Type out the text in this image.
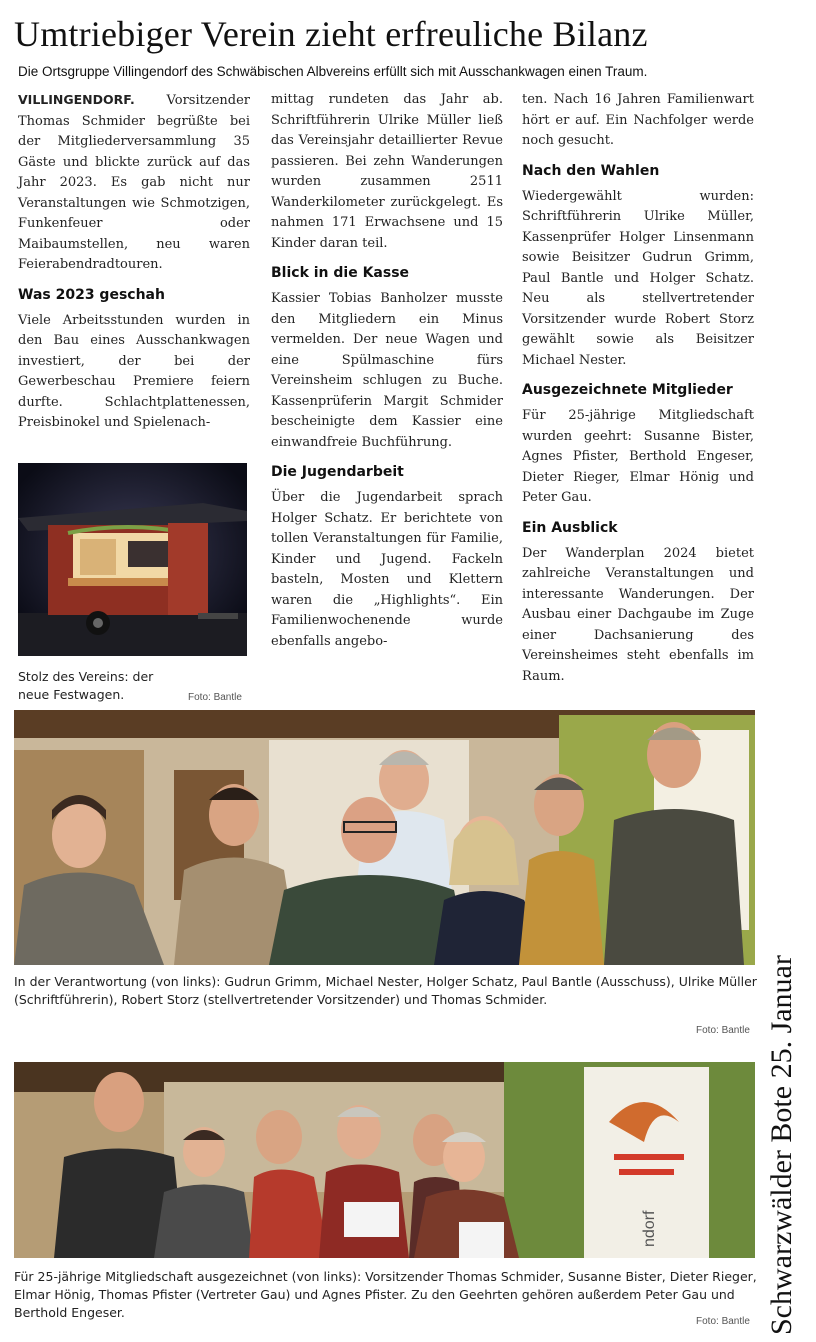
Umtriebiger Verein zieht erfreuliche Bilanz
Die Ortsgruppe Villingendorf des Schwäbischen Albvereins erfüllt sich mit Ausschankwagen einen Traum.

VILLINGENDORF. Vorsitzender Thomas Schmider begrüßte bei der Mitgliederversammlung 35 Gäste und blickte zurück auf das Jahr 2023. Es gab nicht nur Veranstaltungen wie Schmotzigen, Funkenfeuer oder Maibaumstellen, neu waren Feierabendradtouren.

Was 2023 geschah

Viele Arbeitsstunden wurden in den Bau eines Ausschankwagen investiert, der bei der Gewerbeschau Premiere feiern durfte. Schlachtplattenessen, Preisbinokel und Spielenach-

mittag rundeten das Jahr ab. Schriftführerin Ulrike Müller ließ das Vereinsjahr detaillierter Revue passieren. Bei zehn Wanderungen wurden zusammen 2511 Wanderkilometer zurückgelegt. Es nahmen 171 Erwachsene und 15 Kinder daran teil.

Blick in die Kasse

Kassier Tobias Banholzer musste den Mitgliedern ein Minus vermelden. Der neue Wagen und eine Spülmaschine fürs Vereinsheim schlugen zu Buche. Kassenprüferin Margit Schmider bescheinigte dem Kassier eine einwandfreie Buchführung.

Die Jugendarbeit

Über die Jugendarbeit sprach Holger Schatz. Er berichtete von tollen Veranstaltungen für Familie, Kinder und Jugend. Fackeln basteln, Mosten und Klettern waren die „Highlights“. Ein Familienwochenende wurde ebenfalls angebo-

ten. Nach 16 Jahren Familienwart hört er auf. Ein Nachfolger werde noch gesucht.

Nach den Wahlen

Wiedergewählt wurden: Schriftführerin Ulrike Müller, Kassenprüfer Holger Linsenmann sowie Beisitzer Gudrun Grimm, Paul Bantle und Holger Schatz. Neu als stellvertretender Vorsitzender wurde Robert Storz gewählt sowie als Beisitzer Michael Nester.

Ausgezeichnete Mitglieder

Für 25-jährige Mitgliedschaft wurden geehrt: Susanne Bister, Agnes Pfister, Berthold Engeser, Dieter Rieger, Elmar Hönig und Peter Gau.

Ein Ausblick

Der Wanderplan 2024 bietet zahlreiche Veranstaltungen und interessante Wanderungen. Der Ausbau einer Dachgaube im Zuge einer Dachsanierung des Vereinsheimes steht ebenfalls im Raum.

Stolz des Vereins: der neue Festwagen.	Foto: Bantle
In der Verantwortung (von links): Gudrun Grimm, Michael Nester, Holger Schatz, Paul Bantle (Ausschuss), Ulrike Müller (Schriftführerin), Robert Storz (stellvertretender Vorsitzender) und Thomas Schmider.
Foto: Bantle
ndorf
Für 25-jährige Mitgliedschaft ausgezeichnet (von links): Vorsitzender Thomas Schmider, Susanne Bister, Dieter Rieger, Elmar Hönig, Thomas Pfister (Vertreter Gau) und Agnes Pfister. Zu den Geehrten gehören außerdem Peter Gau und Berthold Engeser.
Foto: Bantle Schwarzwälder Bote 25. Januar
